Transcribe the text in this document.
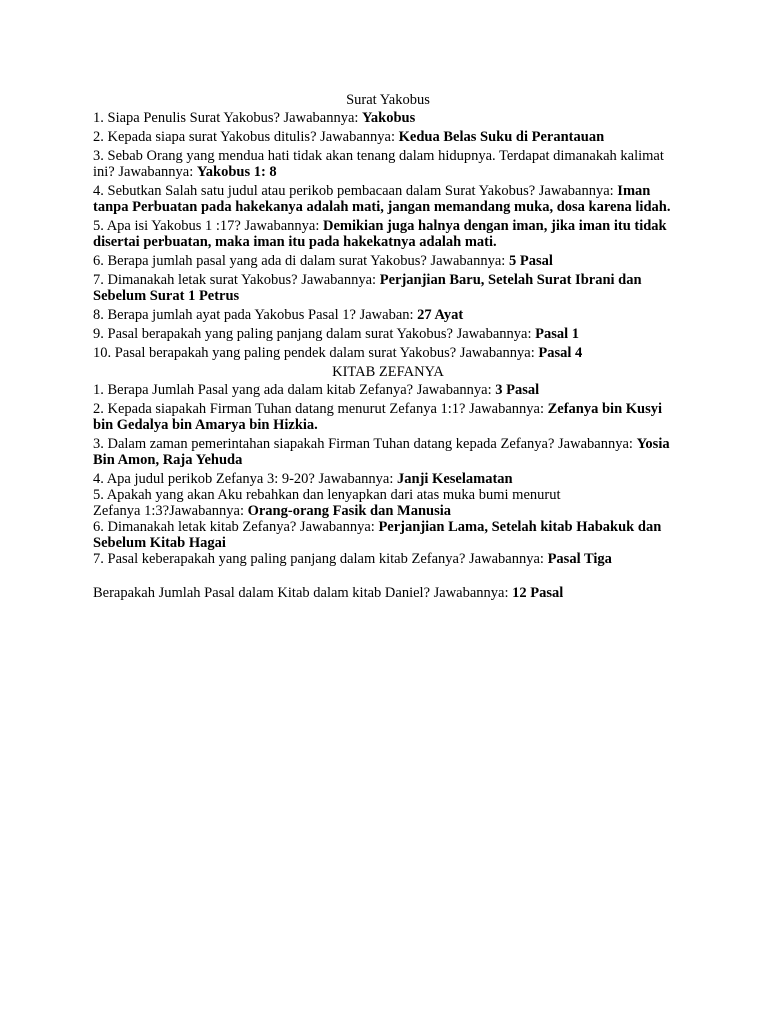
Surat Yakobus
1. Siapa Penulis Surat Yakobus? Jawabannya: Yakobus
2. Kepada siapa surat Yakobus ditulis? Jawabannya: Kedua Belas Suku di Perantauan
3. Sebab Orang yang mendua hati tidak akan tenang dalam hidupnya. Terdapat dimanakah kalimat ini? Jawabannya: Yakobus 1: 8
4. Sebutkan Salah satu judul atau perikob pembacaan dalam Surat Yakobus? Jawabannya: Iman tanpa Perbuatan pada hakekanya adalah mati, jangan memandang muka, dosa karena lidah.
5. Apa isi Yakobus 1 :17? Jawabannya: Demikian juga halnya dengan iman, jika iman itu tidak disertai perbuatan, maka iman itu pada hakekatnya adalah mati.
6. Berapa jumlah pasal yang ada di dalam surat Yakobus? Jawabannya: 5 Pasal
7. Dimanakah letak surat Yakobus? Jawabannya: Perjanjian Baru, Setelah Surat Ibrani dan Sebelum Surat 1 Petrus
8. Berapa jumlah ayat pada Yakobus Pasal 1? Jawaban: 27 Ayat
9. Pasal berapakah yang paling panjang dalam surat Yakobus? Jawabannya: Pasal 1
10. Pasal berapakah yang paling pendek dalam surat Yakobus? Jawabannya: Pasal 4
KITAB ZEFANYA
1. Berapa Jumlah Pasal yang ada dalam kitab Zefanya? Jawabannya: 3 Pasal
2. Kepada siapakah Firman Tuhan datang menurut Zefanya 1:1? Jawabannya: Zefanya bin Kusyi bin Gedalya bin Amarya bin Hizkia.
3. Dalam zaman pemerintahan siapakah Firman Tuhan datang kepada Zefanya? Jawabannya: Yosia Bin Amon, Raja Yehuda
4. Apa judul perikob Zefanya 3: 9-20? Jawabannya: Janji Keselamatan
5. Apakah yang akan Aku rebahkan dan lenyapkan dari atas muka bumi menurut
Zefanya 1:3?Jawabannya: Orang-orang Fasik dan Manusia
6. Dimanakah letak kitab Zefanya? Jawabannya: Perjanjian Lama, Setelah kitab Habakuk dan Sebelum Kitab Hagai
7. Pasal keberapakah yang paling panjang dalam kitab Zefanya? Jawabannya: Pasal Tiga
Berapakah Jumlah Pasal dalam Kitab dalam kitab Daniel? Jawabannya: 12 Pasal
